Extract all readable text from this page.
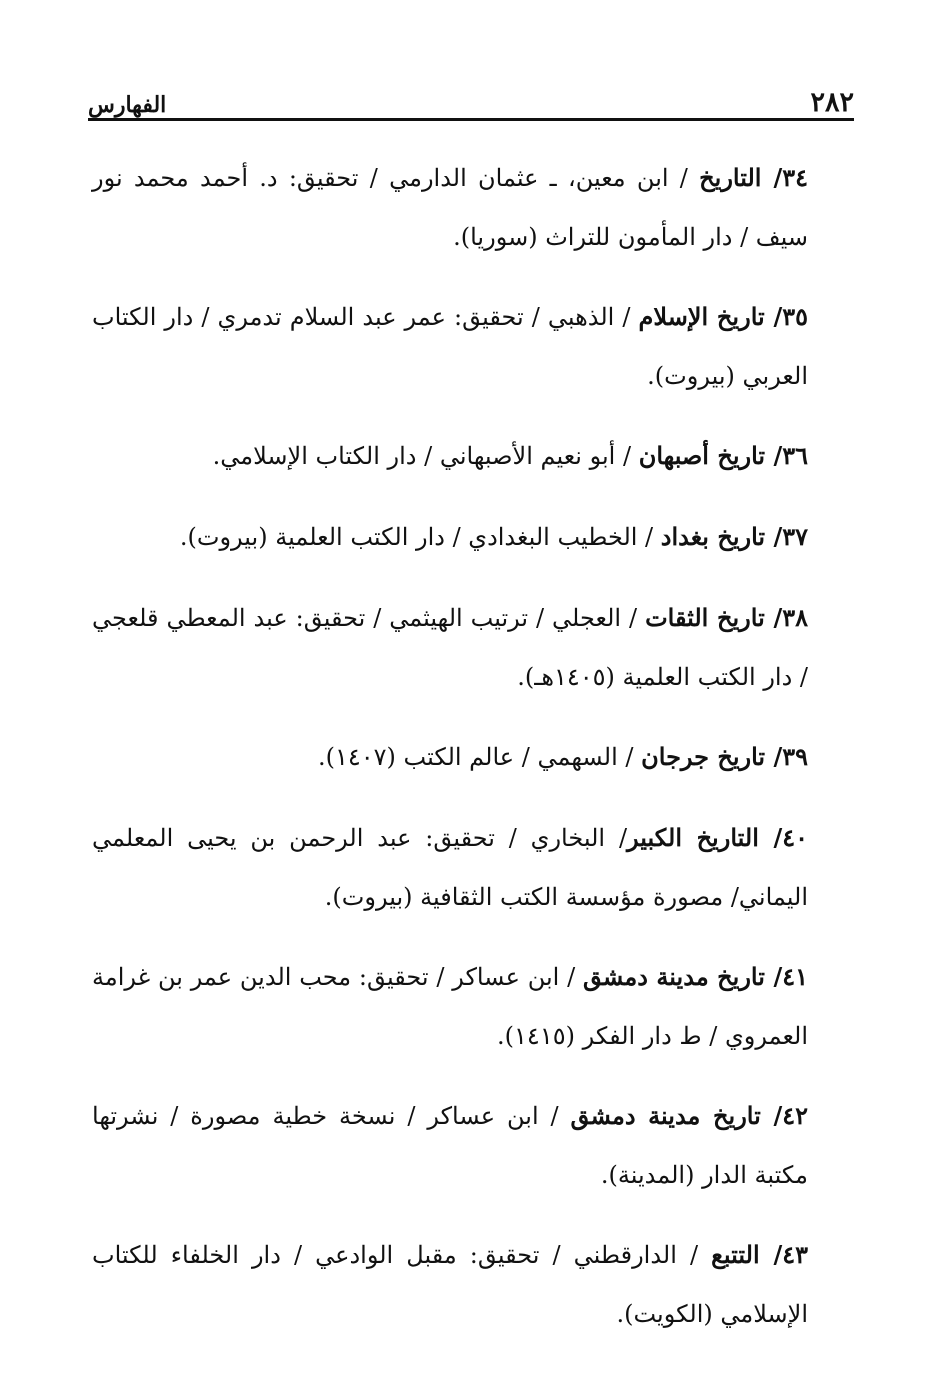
٢٨٢
الفهارس

٣٤/ التاريخ / ابن معين، ـ عثمان الدارمي / تحقيق: د. أحمد محمد نور سيف / دار المأمون للتراث (سوريا).

٣٥/ تاريخ الإسلام / الذهبي / تحقيق: عمر عبد السلام تدمري / دار الكتاب العربي (بيروت).

٣٦/ تاريخ أصبهان / أبو نعيم الأصبهاني / دار الكتاب الإسلامي.

٣٧/ تاريخ بغداد / الخطيب البغدادي / دار الكتب العلمية (بيروت).

٣٨/ تاريخ الثقات / العجلي / ترتيب الهيثمي / تحقيق: عبد المعطي قلعجي / دار الكتب العلمية (١٤٠٥هـ).

٣٩/ تاريخ جرجان / السهمي / عالم الكتب (١٤٠٧).

٤٠/ التاريخ الكبير/ البخاري / تحقيق: عبد الرحمن بن يحيى المعلمي اليماني/ مصورة مؤسسة الكتب الثقافية (بيروت).

٤١/ تاريخ مدينة دمشق / ابن عساكر / تحقيق: محب الدين عمر بن غرامة العمروي / ط دار الفكر (١٤١٥).

٤٢/ تاريخ مدينة دمشق / ابن عساكر / نسخة خطية مصورة / نشرتها مكتبة الدار (المدينة).

٤٣/ التتبع / الدارقطني / تحقيق: مقبل الوادعي / دار الخلفاء للكتاب الإسلامي (الكويت).
